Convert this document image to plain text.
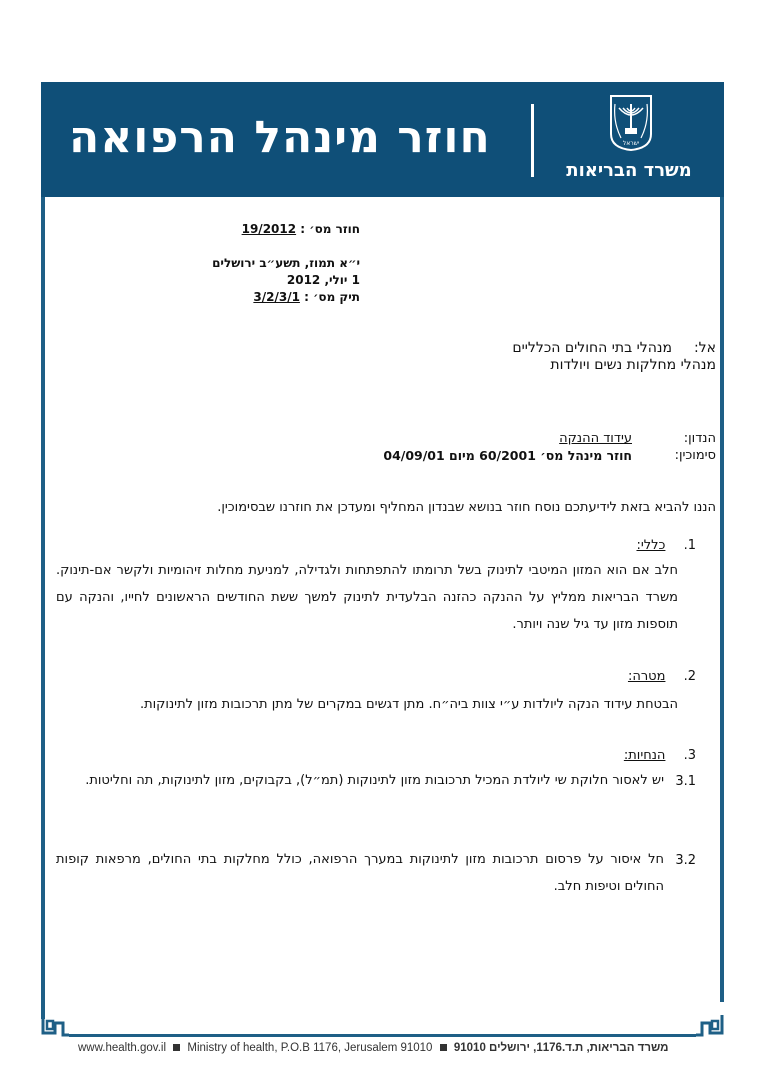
חוזר מינהל הרפואה	ישראל
משרד הבריאות
חוזר מס׳ : 19/2012
י״א תמוז, תשע״ב ירושלים
1 יולי, 2012
תיק מס׳ : 3/2/3/1
אל:
מנהלי בתי החולים הכלליים
מנהלי מחלקות נשים ויולדות
הנדון:
עידוד ההנקה
סימוכין:
חוזר מינהל מס׳ 60/2001 מיום 04/09/01
הננו להביא בזאת לידיעתכם נוסח חוזר בנושא שבנדון המחליף ומעדכן את חוזרנו שבסימוכין.
1. כללי:
חלב אם הוא המזון המיטבי לתינוק בשל תרומתו להתפתחות ולגדילה, למניעת מחלות זיהומיות ולקשר אם-תינוק. משרד הבריאות ממליץ על ההנקה כהזנה הבלעדית לתינוק למשך ששת החודשים הראשונים לחייו, והנקה עם תוספות מזון עד גיל שנה ויותר.
2. מטרה:
הבטחת עידוד הנקה ליולדות ע״י צוות ביה״ח. מתן דגשים במקרים של מתן תרכובות מזון לתינוקות.
3. הנחיות:
3.1
יש לאסור חלוקת שי ליולדת המכיל תרכובות מזון לתינוקות (תמ״ל), בקבוקים, מזון לתינוקות, תה וחליטות.
3.2
חל איסור על פרסום תרכובות מזון לתינוקות במערך הרפואה, כולל מחלקות בתי החולים, מרפאות קופות החולים וטיפות חלב.
www.health.gov.il Ministry of health, P.O.B 1176, Jerusalem 91010 משרד הבריאות, ת.ד.1176, ירושלים 91010
